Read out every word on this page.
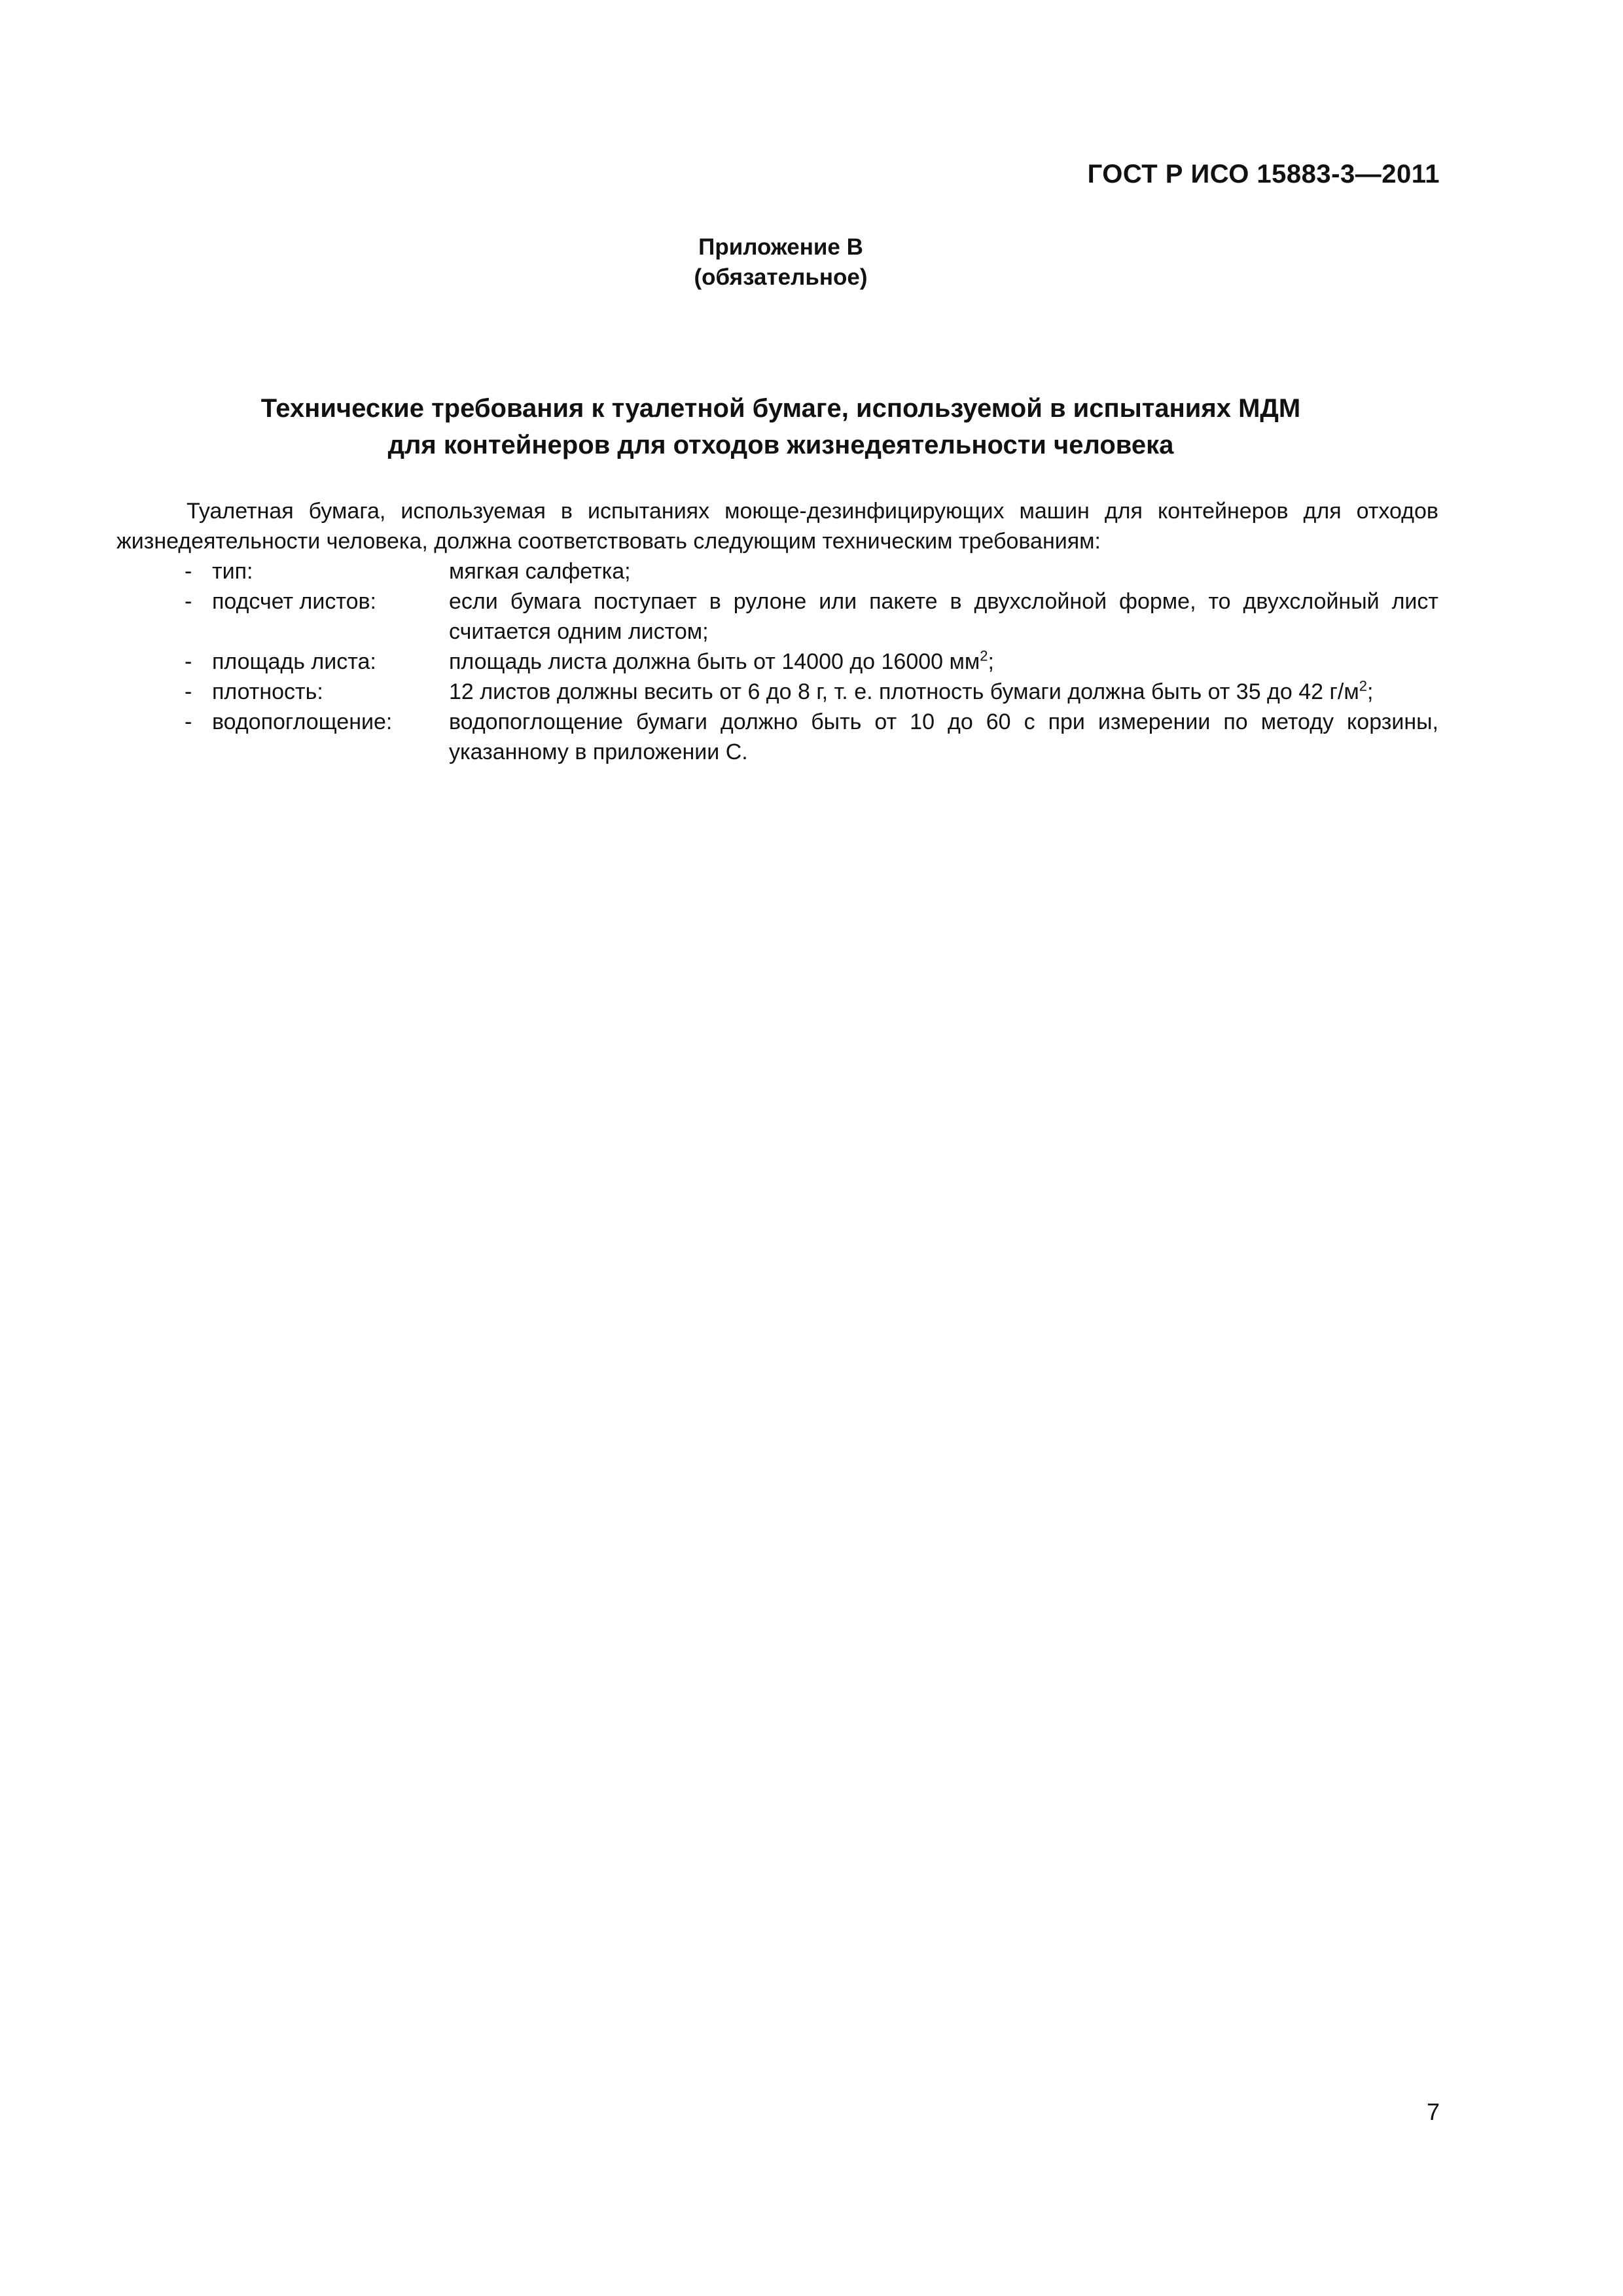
ГОСТ Р ИСО 15883-3—2011
Приложение В
(обязательное)
Технические требования к туалетной бумаге, используемой в испытаниях МДМ
для контейнеров для отходов жизнедеятельности человека

Туалетная бумага, используемая в испытаниях моюще-дезинфицирующих машин для контейнеров для отходов жизнедеятельности человека, должна соответствовать следующим техническим требованиям:

- тип:	мягкая салфетка;
- подсчет листов:	если бумага поступает в рулоне или пакете в двухслойной форме, то двухслойный лист считается одним листом;
- площадь листа:	площадь листа должна быть от 14000 до 16000 $мм^2$;
- плотность:	12 листов должны весить от 6 до 8 г, т. е. плотность бумаги должна быть от 35 до 42 $г/м^2$;
- водопоглощение:	водопоглощение бумаги должно быть от 10 до 60 с при измерении по методу корзины, указанному в приложении С.
7
